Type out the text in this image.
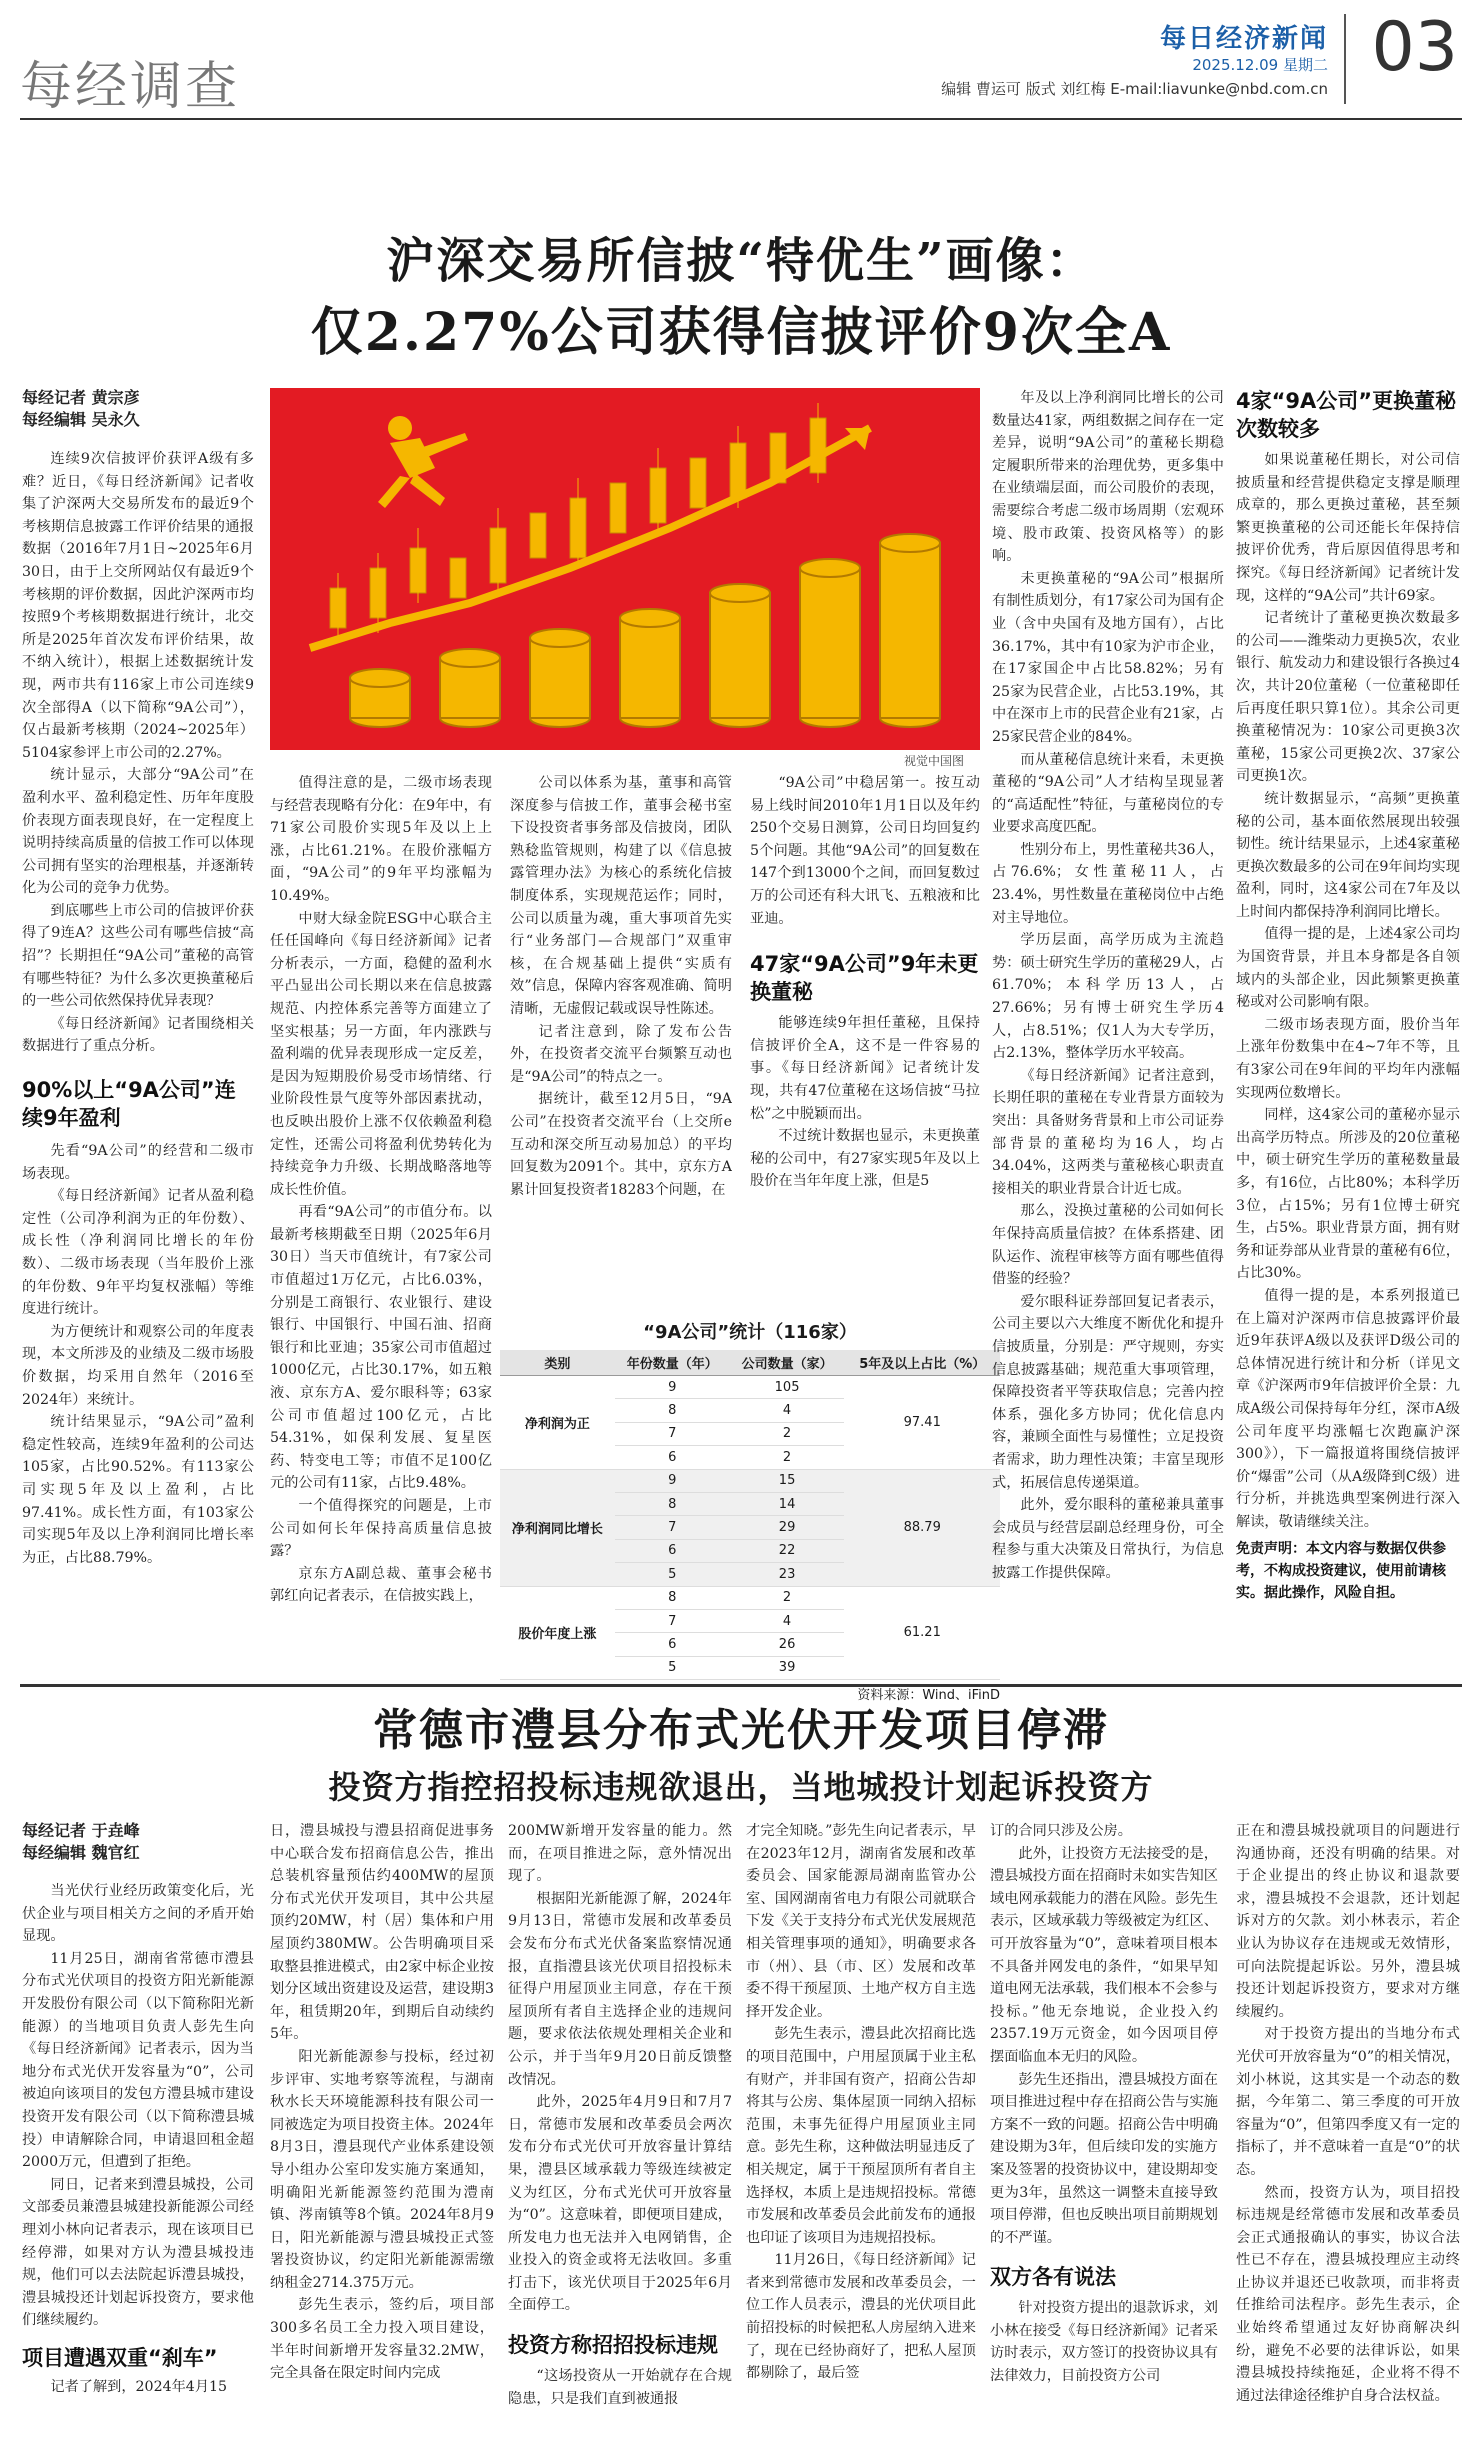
每经调查
每日经济新闻
2025.12.09 星期二
编辑 曹运可 版式 刘红梅 E-mail:liavunke@nbd.com.cn
03
沪深交易所信披“特优生”画像：
仅2.27%公司获得信披评价9次全A
每经记者 黄宗彦
每经编辑 吴永久

连续9次信披评价获评A级有多难？近日，《每日经济新闻》记者收集了沪深两大交易所发布的最近9个考核期信息披露工作评价结果的通报数据（2016年7月1日~2025年6月30日，由于上交所网站仅有最近9个考核期的评价数据，因此沪深两市均按照9个考核期数据进行统计，北交所是2025年首次发布评价结果，故不纳入统计），根据上述数据统计发现，两市共有116家上市公司连续9次全部得A（以下简称“9A公司”），仅占最新考核期（2024~2025年）5104家参评上市公司的2.27%。

统计显示，大部分“9A公司”在盈利水平、盈利稳定性、历年年度股价表现方面表现良好，在一定程度上说明持续高质量的信披工作可以体现公司拥有坚实的治理根基，并逐渐转化为公司的竞争力优势。

到底哪些上市公司的信披评价获得了9连A？这些公司有哪些信披“高招”？长期担任“9A公司”董秘的高管有哪些特征？为什么多次更换董秘后的一些公司依然保持优异表现？

《每日经济新闻》记者围绕相关数据进行了重点分析。

90%以上“9A公司”连续9年盈利

先看“9A公司”的经营和二级市场表现。

《每日经济新闻》记者从盈利稳定性（公司净利润为正的年份数）、成长性（净利润同比增长的年份数）、二级市场表现（当年股价上涨的年份数、9年平均复权涨幅）等维度进行统计。

为方便统计和观察公司的年度表现，本文所涉及的业绩及二级市场股价数据，均采用自然年（2016至2024年）来统计。

统计结果显示，“9A公司”盈利稳定性较高，连续9年盈利的公司达105家，占比90.52%。有113家公司实现5年及以上盈利，占比97.41%。成长性方面，有103家公司实现5年及以上净利润同比增长率为正，占比88.79%。

视觉中国图

值得注意的是，二级市场表现与经营表现略有分化：在9年中，有71家公司股价实现5年及以上上涨，占比61.21%。在股价涨幅方面，“9A公司”的9年平均涨幅为10.49%。

中财大绿金院ESG中心联合主任任国峰向《每日经济新闻》记者分析表示，一方面，稳健的盈利水平凸显出公司长期以来在信息披露规范、内控体系完善等方面建立了坚实根基；另一方面，年内涨跌与盈利端的优异表现形成一定反差，是因为短期股价易受市场情绪、行业阶段性景气度等外部因素扰动，也反映出股价上涨不仅依赖盈利稳定性，还需公司将盈利优势转化为持续竞争力升级、长期战略落地等成长性价值。

再看“9A公司”的市值分布。以最新考核期截至日期（2025年6月30日）当天市值统计，有7家公司市值超过1万亿元，占比6.03%，分别是工商银行、农业银行、建设银行、中国银行、中国石油、招商银行和比亚迪；35家公司市值超过1000亿元，占比30.17%，如五粮液、京东方A、爱尔眼科等；63家公司市值超过100亿元，占比54.31%，如保利发展、复星医药、特变电工等；市值不足100亿元的公司有11家，占比9.48%。

一个值得探究的问题是，上市公司如何长年保持高质量信息披露？

京东方A副总裁、董事会秘书郭红向记者表示，在信披实践上，

公司以体系为基，董事和高管深度参与信披工作，董事会秘书室下设投资者事务部及信披岗，团队熟稔监管规则，构建了以《信息披露管理办法》为核心的系统化信披制度体系，实现规范运作；同时，公司以质量为魂，重大事项首先实行“业务部门—合规部门”双重审核，在合规基础上提供“实质有效”信息，保障内容客观准确、简明清晰，无虚假记载或误导性陈述。

记者注意到，除了发布公告外，在投资者交流平台频繁互动也是“9A公司”的特点之一。

据统计，截至12月5日，“9A公司”在投资者交流平台（上交所e互动和深交所互动易加总）的平均回复数为2091个。其中，京东方A累计回复投资者18283个问题，在

“9A公司”中稳居第一。按互动易上线时间2010年1月1日以及年约250个交易日测算，公司日均回复约5个问题。其他“9A公司”的回复数在147个到13000个之间，而回复数过万的公司还有科大讯飞、五粮液和比亚迪。

47家“9A公司”9年未更换董秘

能够连续9年担任董秘，且保持信披评价全A，这不是一件容易的事。《每日经济新闻》记者统计发现，共有47位董秘在这场信披“马拉松”之中脱颖而出。

不过统计数据也显示，未更换董秘的公司中，有27家实现5年及以上股价在当年年度上涨，但是5

“9A公司”统计（116家）
类别	年份数量（年）	公司数量（家）	5年及以上占比（%）
净利润为正	9	105	97.41
	8	4	
	7	2	
	6	2	
净利润同比增长	9	15	88.79
	8	14	
	7	29	
	6	22	
	5	23	
股价年度上涨	8	2	61.21
	7	4	
	6	26	
	5	39	
资料来源：Wind、iFinD

年及以上净利润同比增长的公司数量达41家，两组数据之间存在一定差异，说明“9A公司”的董秘长期稳定履职所带来的治理优势，更多集中在业绩端层面，而公司股价的表现，需要综合考虑二级市场周期（宏观环境、股市政策、投资风格等）的影响。

未更换董秘的“9A公司”根据所有制性质划分，有17家公司为国有企业（含中央国有及地方国有），占比36.17%，其中有10家为沪市企业，在17家国企中占比58.82%；另有25家为民营企业，占比53.19%，其中在深市上市的民营企业有21家，占25家民营企业的84%。

而从董秘信息统计来看，未更换董秘的“9A公司”人才结构呈现显著的“高适配性”特征，与董秘岗位的专业要求高度匹配。

性别分布上，男性董秘共36人，占76.6%；女性董秘11人，占23.4%，男性数量在董秘岗位中占绝对主导地位。

学历层面，高学历成为主流趋势：硕士研究生学历的董秘29人，占61.70%；本科学历13人，占27.66%；另有博士研究生学历4人，占8.51%；仅1人为大专学历，占2.13%，整体学历水平较高。

《每日经济新闻》记者注意到，长期任职的董秘在专业背景方面较为突出：具备财务背景和上市公司证券部背景的董秘均为16人，均占34.04%，这两类与董秘核心职责直接相关的职业背景合计近七成。

那么，没换过董秘的公司如何长年保持高质量信披？在体系搭建、团队运作、流程审核等方面有哪些值得借鉴的经验？

爱尔眼科证券部回复记者表示，公司主要以六大维度不断优化和提升信披质量，分别是：严守规则，夯实信息披露基础；规范重大事项管理，保障投资者平等获取信息；完善内控体系，强化多方协同；优化信息内容，兼顾全面性与易懂性；立足投资者需求，助力理性决策；丰富呈现形式，拓展信息传递渠道。

此外，爱尔眼科的董秘兼具董事会成员与经营层副总经理身份，可全程参与重大决策及日常执行，为信息披露工作提供保障。

4家“9A公司”更换董秘次数较多

如果说董秘任期长，对公司信披质量和经营提供稳定支撑是顺理成章的，那么更换过董秘，甚至频繁更换董秘的公司还能长年保持信披评价优秀，背后原因值得思考和探究。《每日经济新闻》记者统计发现，这样的“9A公司”共计69家。

记者统计了董秘更换次数最多的公司——潍柴动力更换5次，农业银行、航发动力和建设银行各换过4次，共计20位董秘（一位董秘即任后再度任职只算1位）。其余公司更换董秘情况为：10家公司更换3次董秘，15家公司更换2次、37家公司更换1次。

统计数据显示，“高频”更换董秘的公司，基本面依然展现出较强韧性。统计结果显示，上述4家董秘更换次数最多的公司在9年间均实现盈利，同时，这4家公司在7年及以上时间内都保持净利润同比增长。

值得一提的是，上述4家公司均为国资背景，并且本身都是各自领域内的头部企业，因此频繁更换董秘或对公司影响有限。

二级市场表现方面，股价当年上涨年份数集中在4~7年不等，且有3家公司在9年间的平均年内涨幅实现两位数增长。

同样，这4家公司的董秘亦显示出高学历特点。所涉及的20位董秘中，硕士研究生学历的董秘数量最多，有16位，占比80%；本科学历3位，占15%；另有1位博士研究生，占5%。职业背景方面，拥有财务和证券部从业背景的董秘有6位，占比30%。

值得一提的是，本系列报道已在上篇对沪深两市信息披露评价最近9年获评A级以及获评D级公司的总体情况进行统计和分析（详见文章《沪深两市9年信披评价全景：九成A级公司保持每年分红，深市A级公司年度平均涨幅七次跑赢沪深300》），下一篇报道将围绕信披评价“爆雷”公司（从A级降到C级）进行分析，并挑选典型案例进行深入解读，敬请继续关注。

免责声明：本文内容与数据仅供参考，不构成投资建议，使用前请核实。据此操作，风险自担。

常德市澧县分布式光伏开发项目停滞
投资方指控招投标违规欲退出，当地城投计划起诉投资方
每经记者 于垚峰
每经编辑 魏官红

当光伏行业经历政策变化后，光伏企业与项目相关方之间的矛盾开始显现。

11月25日，湖南省常德市澧县分布式光伏项目的投资方阳光新能源开发股份有限公司（以下简称阳光新能源）的当地项目负责人彭先生向《每日经济新闻》记者表示，因为当地分布式光伏开发容量为“0”，公司被迫向该项目的发包方澧县城市建设投资开发有限公司（以下简称澧县城投）申请解除合同，申请退回租金超2000万元，但遭到了拒绝。

同日，记者来到澧县城投，公司文部委员兼澧县城建投新能源公司经理刘小林向记者表示，现在该项目已经停滞，如果对方认为澧县城投违规，他们可以去法院起诉澧县城投，澧县城投还计划起诉投资方，要求他们继续履约。

项目遭遇双重“刹车”

记者了解到，2024年4月15

日，澧县城投与澧县招商促进事务中心联合发布招商信息公告，推出总装机容量预估约400MW的屋顶分布式光伏开发项目，其中公共屋顶约20MW，村（居）集体和户用屋顶约380MW。公告明确项目采取整县推进模式，由2家中标企业按划分区域出资建设及运营，建设期3年，租赁期20年，到期后自动续约5年。

阳光新能源参与投标，经过初步评审、实地考察等流程，与湖南秋水长天环境能源科技有限公司一同被选定为项目投资主体。2024年8月3日，澧县现代产业体系建设领导小组办公室印发实施方案通知，明确阳光新能源签约范围为澧南镇、涔南镇等8个镇。2024年8月9日，阳光新能源与澧县城投正式签署投资协议，约定阳光新能源需缴纳租金2714.375万元。

彭先生表示，签约后，项目部300多名员工全力投入项目建设，半年时间新增开发容量32.2MW，完全具备在限定时间内完成

200MW新增开发容量的能力。然而，在项目推进之际，意外情况出现了。

根据阳光新能源了解，2024年9月13日，常德市发展和改革委员会发布分布式光伏备案监察情况通报，直指澧县该光伏项目招投标未征得户用屋顶业主同意，存在干预屋顶所有者自主选择企业的违规问题，要求依法依规处理相关企业和公示，并于当年9月20日前反馈整改情况。

此外，2025年4月9日和7月7日，常德市发展和改革委员会两次发布分布式光伏可开放容量计算结果，澧县区域承载力等级连续被定义为红区，分布式光伏可开放容量为“0”。这意味着，即便项目建成，所发电力也无法并入电网销售，企业投入的资金或将无法收回。多重打击下，该光伏项目于2025年6月全面停工。

投资方称招招投标违规

“这场投资从一开始就存在合规隐患，只是我们直到被通报

才完全知晓。”彭先生向记者表示，早在2023年12月，湖南省发展和改革委员会、国家能源局湖南监管办公室、国网湖南省电力有限公司就联合下发《关于支持分布式光伏发展规范相关管理事项的通知》，明确要求各市（州）、县（市、区）发展和改革委不得干预屋顶、土地产权方自主选择开发企业。

彭先生表示，澧县此次招商比选的项目范围中，户用屋顶属于业主私有财产，并非国有资产，招商公告却将其与公房、集体屋顶一同纳入招标范围，未事先征得户用屋顶业主同意。彭先生称，这种做法明显违反了相关规定，属于干预屋顶所有者自主选择权，本质上是违规招投标。常德市发展和改革委员会此前发布的通报也印证了该项目为违规招投标。

11月26日，《每日经济新闻》记者来到常德市发展和改革委员会，一位工作人员表示，澧县的光伏项目此前招投标的时候把私人房屋纳入进来了，现在已经协商好了，把私人屋顶都剔除了，最后签

订的合同只涉及公房。

此外，让投资方无法接受的是，澧县城投方面在招商时未如实告知区域电网承载能力的潜在风险。彭先生表示，区域承载力等级被定为红区、可开放容量为“0”，意味着项目根本不具备并网发电的条件，“如果早知道电网无法承载，我们根本不会参与投标。”他无奈地说，企业投入约2357.19万元资金，如今因项目停摆面临血本无归的风险。

彭先生还指出，澧县城投方面在项目推进过程中存在招商公告与实施方案不一致的问题。招商公告中明确建设期为3年，但后续印发的实施方案及签署的投资协议中，建设期却变更为3年，虽然这一调整未直接导致项目停滞，但也反映出项目前期规划的不严谨。

双方各有说法

针对投资方提出的退款诉求，刘小林在接受《每日经济新闻》记者采访时表示，双方签订的投资协议具有法律效力，目前投资方公司

正在和澧县城投就项目的问题进行沟通协商，还没有明确的结果。对于企业提出的终止协议和退款要求，澧县城投不会退款，还计划起诉对方的欠款。刘小林表示，若企业认为协议存在违规或无效情形，可向法院提起诉讼。另外，澧县城投还计划起诉投资方，要求对方继续履约。

对于投资方提出的当地分布式光伏可开放容量为“0”的相关情况，刘小林说，这其实是一个动态的数据，今年第二、第三季度的可开放容量为“0”，但第四季度又有一定的指标了，并不意味着一直是“0”的状态。

然而，投资方认为，项目招投标违规是经常德市发展和改革委员会正式通报确认的事实，协议合法性已不存在，澧县城投理应主动终止协议并退还已收款项，而非将责任推给司法程序。彭先生表示，企业始终希望通过友好协商解决纠纷，避免不必要的法律诉讼，如果澧县城投持续拖延，企业将不得不通过法律途径维护自身合法权益。
